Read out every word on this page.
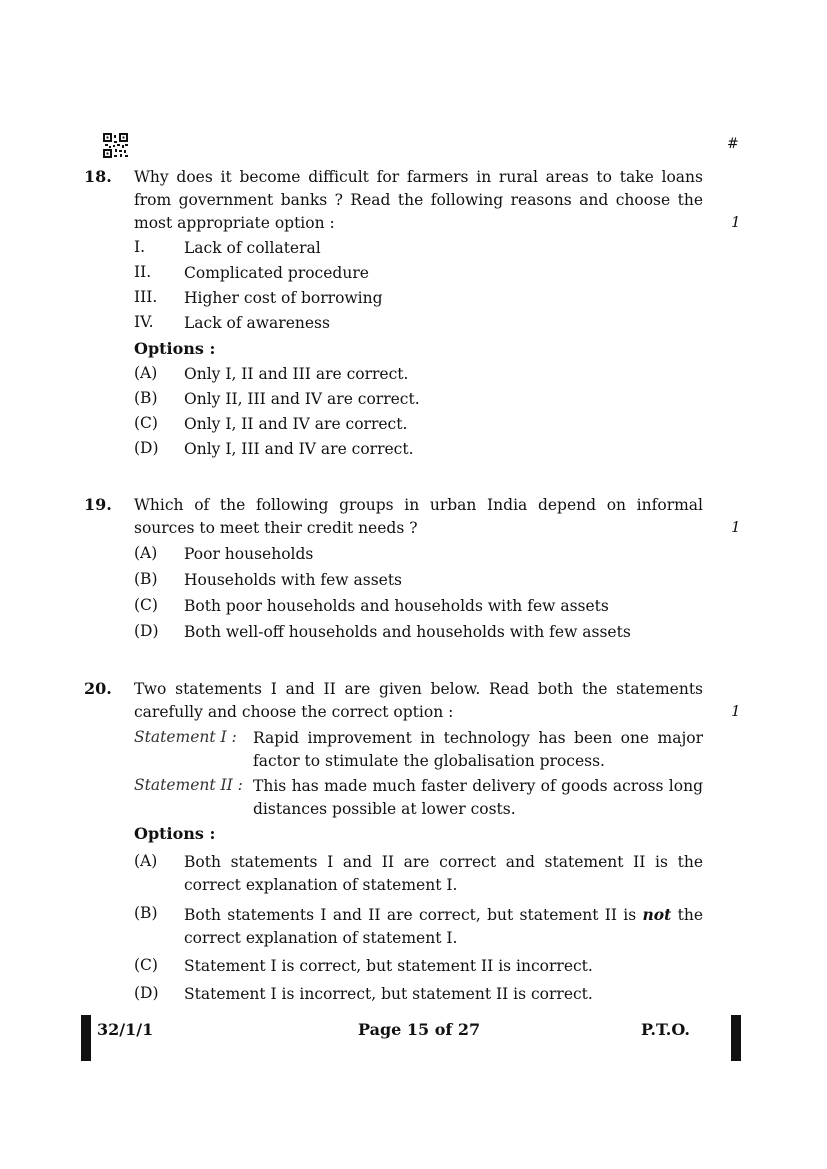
#
18. Why does it become difficult for farmers in rural areas to take loans from government banks ? Read the following reasons and choose the most appropriate option :	1
I.	Lack of collateral
II. Complicated procedure
III. Higher cost of borrowing
IV. Lack of awareness
Options :
(A) Only I, II and III are correct.
(B) Only II, III and IV are correct.
(C) Only I, II and IV are correct.
(D) Only I, III and IV are correct.
19. Which of the following groups in urban India depend on informal sources to meet their credit needs ?	1
(A) Poor households
(B) Households with few assets
(C) Both poor households and households with few assets
(D) Both well-off households and households with few assets
20. Two statements I and II are given below. Read both the statements carefully and choose the correct option :	1
Statement I : Rapid improvement in technology has been one major factor to stimulate the globalisation process.
Statement II : This has made much faster delivery of goods across long distances possible at lower costs.
Options :
(A) Both statements I and II are correct and statement II is the correct explanation of statement I.
(B) Both statements I and II are correct, but statement II is not the correct explanation of statement I.
(C) Statement I is correct, but statement II is incorrect.
(D) Statement I is incorrect, but statement II is correct.
32/1/1	Page 15 of 27	P.T.O.
